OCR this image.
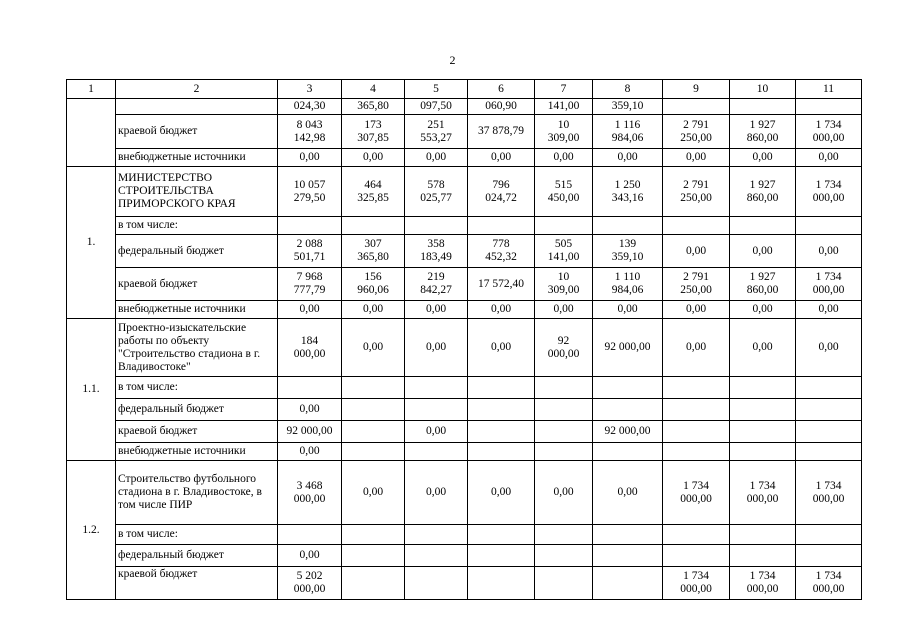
2
1	2	3	4	5	6	7	8	9	10	11
		024,30	365,80	097,50	060,90	141,00	359,10			
	краевой бюджет	8 043
142,98	173
307,85	251
553,27	37 878,79	10
309,00	1 116
984,06	2 791
250,00	1 927
860,00	1 734
000,00
	внебюджетные источники	0,00	0,00	0,00	0,00	0,00	0,00	0,00	0,00	0,00
1.	МИНИСТЕРСТВО СТРОИТЕЛЬСТВА ПРИМОРСКОГО КРАЯ	10 057
279,50	464
325,85	578
025,77	796
024,72	515
450,00	1 250
343,16	2 791
250,00	1 927
860,00	1 734
000,00
	в том числе:									
	федеральный бюджет	2 088
501,71	307
365,80	358
183,49	778
452,32	505
141,00	139
359,10	0,00	0,00	0,00
	краевой бюджет	7 968
777,79	156
960,06	219
842,27	17 572,40	10
309,00	1 110
984,06	2 791
250,00	1 927
860,00	1 734
000,00
	внебюджетные источники	0,00	0,00	0,00	0,00	0,00	0,00	0,00	0,00	0,00
1.1.	Проектно-изыскательские работы по объекту "Строительство стадиона в г. Владивостоке"	184
000,00	0,00	0,00	0,00	92
000,00	92 000,00	0,00	0,00	0,00
	в том числе:									
	федеральный бюджет	0,00								
	краевой бюджет	92 000,00		0,00			92 000,00			
	внебюджетные источники	0,00								
1.2.	Строительство футбольного стадиона в г. Владивостоке, в том числе ПИР	3 468
000,00	0,00	0,00	0,00	0,00	0,00	1 734
000,00	1 734
000,00	1 734
000,00
	в том числе:									
	федеральный бюджет	0,00								
	краевой бюджет	5 202
000,00						1 734
000,00	1 734
000,00	1 734
000,00
